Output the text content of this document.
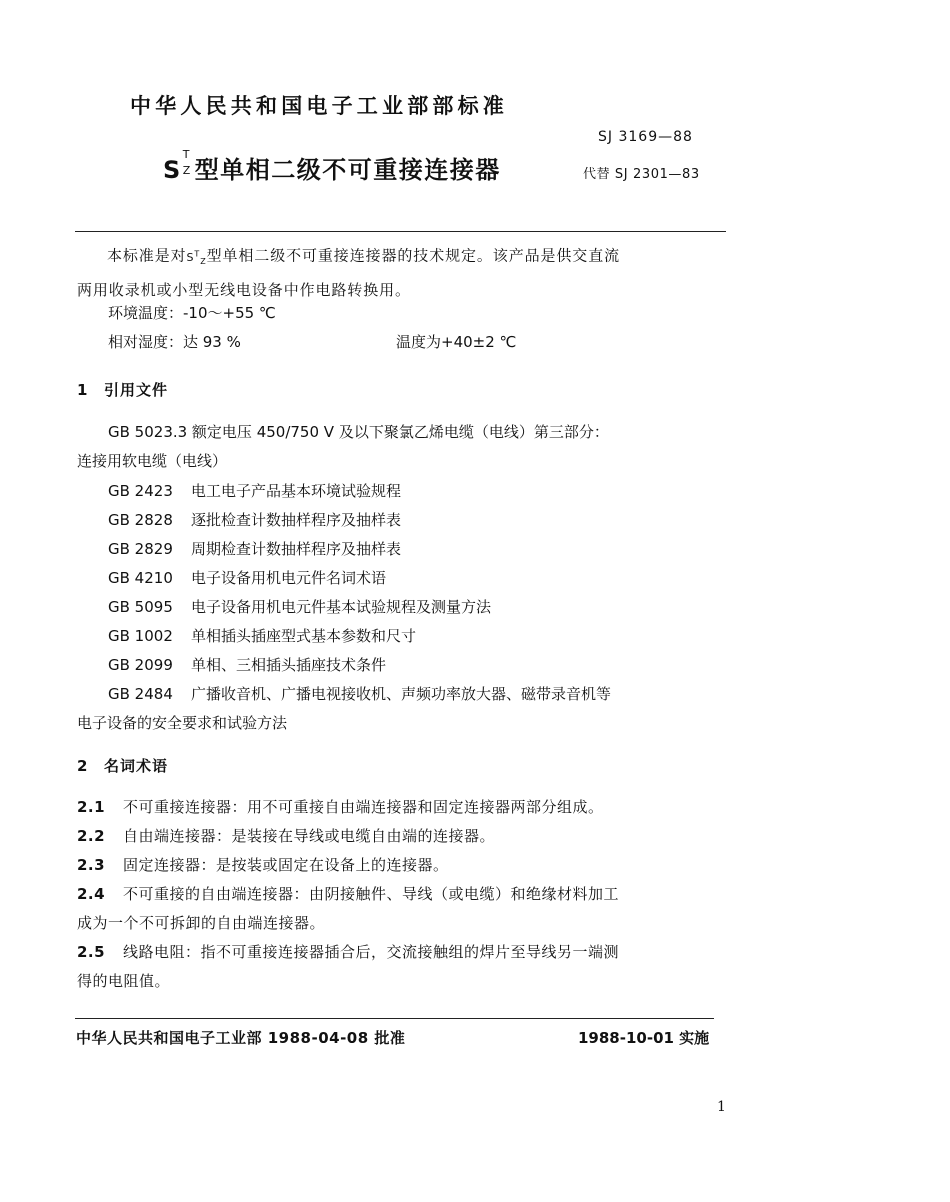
中华人民共和国电子工业部部标准
SJ 3169—88
S
T
Z 型单相二级不可重接连接器	代替 SJ 2301—83
本标准是对$S^T_Z$型单相二级不可重接连接器的技术规定。该产品是供交直流
两用收录机或小型无线电设备中作电路转换用。
环境温度：-10～+55 ℃
相对湿度：达 93 %	温度为+40±2 ℃
1 引用文件
GB 5023.3 额定电压 450/750 V 及以下聚氯乙烯电缆（电线）第三部分：
连接用软电缆（电线）
GB 2423 电工电子产品基本环境试验规程
GB 2828 逐批检查计数抽样程序及抽样表
GB 2829 周期检查计数抽样程序及抽样表
GB 4210 电子设备用机电元件名词术语
GB 5095 电子设备用机电元件基本试验规程及测量方法
GB 1002 单相插头插座型式基本参数和尺寸
GB 2099 单相、三相插头插座技术条件
GB 2484 广播收音机、广播电视接收机、声频功率放大器、磁带录音机等
电子设备的安全要求和试验方法
2 名词术语
2.1 不可重接连接器：用不可重接自由端连接器和固定连接器两部分组成。
2.2 自由端连接器：是装接在导线或电缆自由端的连接器。
2.3 固定连接器：是按装或固定在设备上的连接器。
2.4 不可重接的自由端连接器：由阴接触件、导线（或电缆）和绝缘材料加工
成为一个不可拆卸的自由端连接器。
2.5 线路电阻：指不可重接连接器插合后，交流接触组的焊片至导线另一端测
得的电阻值。
中华人民共和国电子工业部 1988-04-08 批准	1988-10-01 实施
1
